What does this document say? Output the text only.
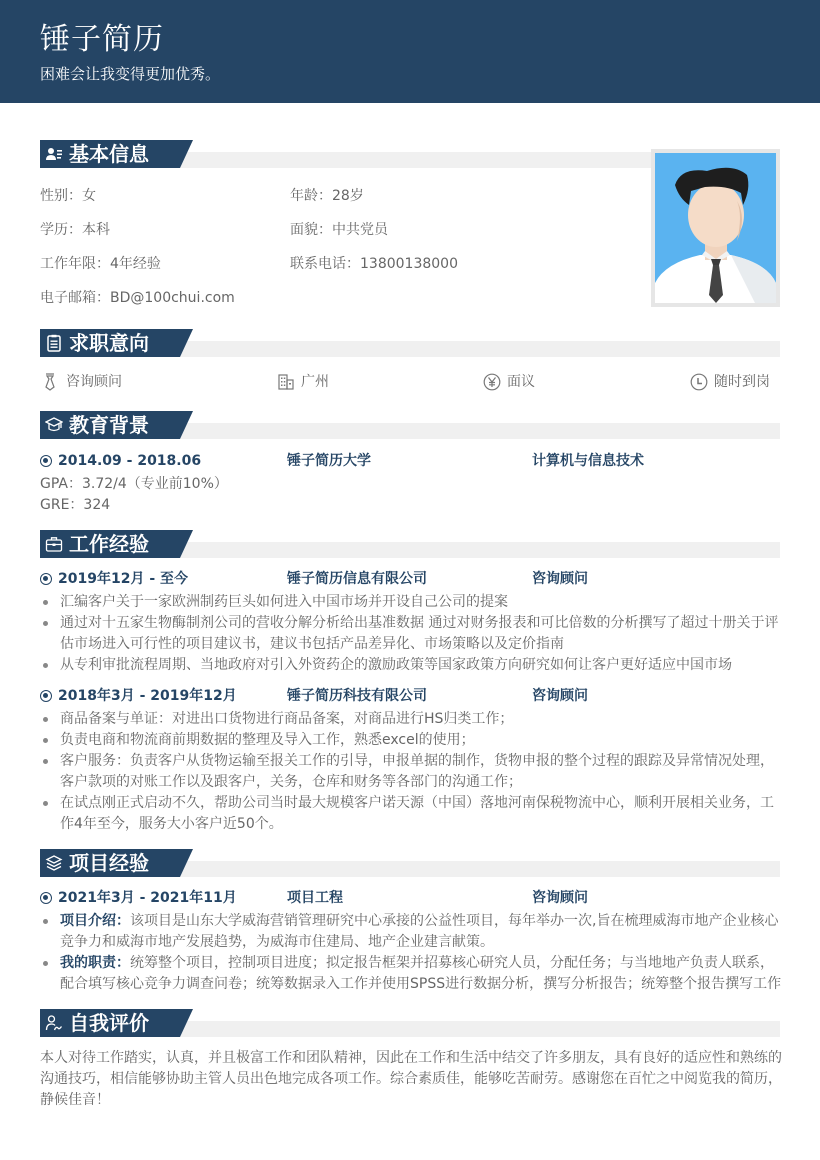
锤子简历
困难会让我变得更加优秀。
基本信息
性别：女	年龄：28岁
学历：本科	面貌：中共党员
工作年限：4年经验	联系电话：13800138000
电子邮箱：BD@100chui.com
求职意向
咨询顾问	广州	面议	随时到岗
教育背景
2014.09 - 2018.06	锤子简历大学	计算机与信息技术
GPA：3.72/4（专业前10%）
GRE：324
工作经验
2019年12月 - 至今	锤子简历信息有限公司	咨询顾问
汇编客户关于一家欧洲制药巨头如何进入中国市场并开设自己公司的提案
通过对十五家生物酶制剂公司的营收分解分析给出基准数据 通过对财务报表和可比倍数的分析撰写了超过十册关于评估市场进入可行性的项目建议书，建议书包括产品差异化、市场策略以及定价指南
从专利审批流程周期、当地政府对引入外资药企的激励政策等国家政策方向研究如何让客户更好适应中国市场
2018年3月 - 2019年12月	锤子简历科技有限公司	咨询顾问
商品备案与单证：对进出口货物进行商品备案，对商品进行HS归类工作；
负责电商和物流商前期数据的整理及导入工作，熟悉excel的使用；
客户服务：负责客户从货物运输至报关工作的引导，申报单据的制作，货物申报的整个过程的跟踪及异常情况处理，客户款项的对账工作以及跟客户，关务，仓库和财务等各部门的沟通工作；
在试点刚正式启动不久，帮助公司当时最大规模客户诺天源（中国）落地河南保税物流中心，顺利开展相关业务，工作4年至今，服务大小客户近50个。
项目经验
2021年3月 - 2021年11月	项目工程	咨询顾问
项目介绍：该项目是山东大学威海营销管理研究中心承接的公益性项目，每年举办一次,旨在梳理威海市地产企业核心竞争力和威海市地产发展趋势，为威海市住建局、地产企业建言献策。
我的职责：统筹整个项目，控制项目进度；拟定报告框架并招募核心研究人员，分配任务；与当地地产负责人联系，配合填写核心竞争力调查问卷；统筹数据录入工作并使用SPSS进行数据分析，撰写分析报告；统筹整个报告撰写工作
自我评价
本人对待工作踏实，认真，并且极富工作和团队精神，因此在工作和生活中结交了许多朋友，具有良好的适应性和熟练的沟通技巧，相信能够协助主管人员出色地完成各项工作。综合素质佳，能够吃苦耐劳。感谢您在百忙之中阅览我的简历，静候佳音！
